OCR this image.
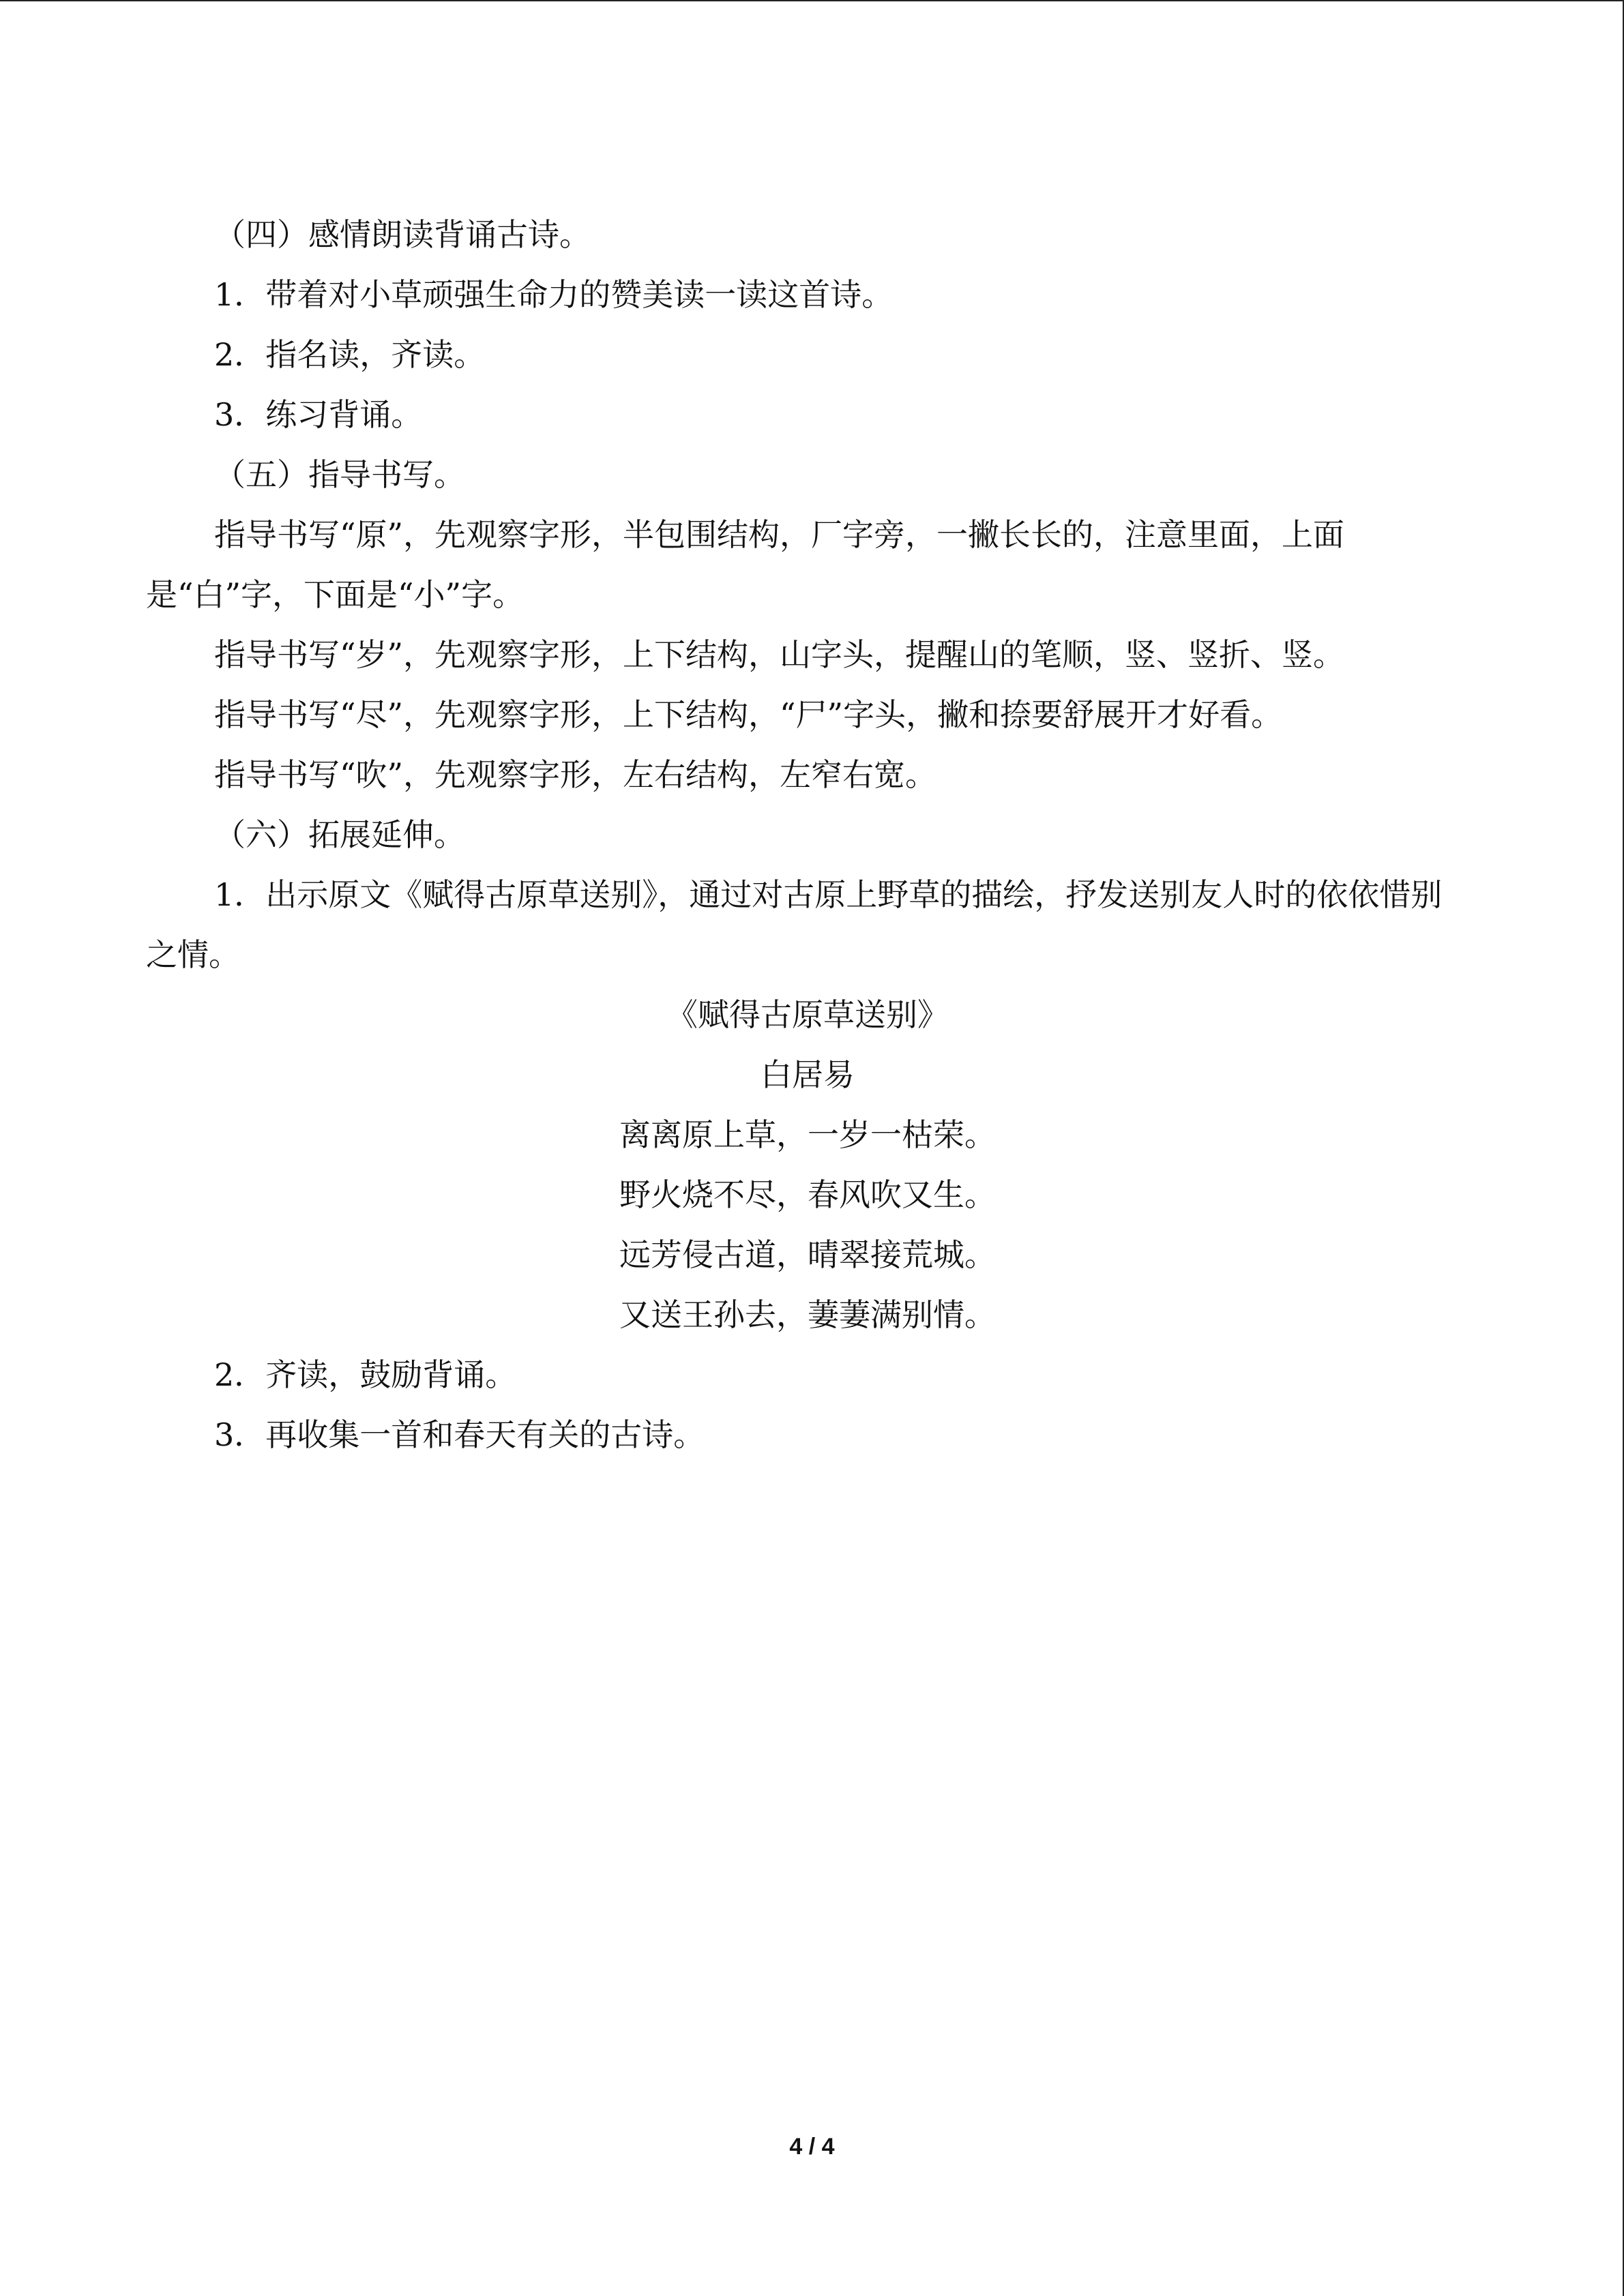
（四）感情朗读背诵古诗。

1．带着对小草顽强生命力的赞美读一读这首诗。

2．指名读，齐读。

3．练习背诵。

（五）指导书写。

指导书写“原”，先观察字形，半包围结构，厂字旁，一撇长长的，注意里面，上面是“白”字，下面是“小”字。

指导书写“岁”，先观察字形，上下结构，山字头，提醒山的笔顺，竖、竖折、竖。

指导书写“尽”，先观察字形，上下结构，“尸”字头，撇和捺要舒展开才好看。

指导书写“吹”，先观察字形，左右结构，左窄右宽。

（六）拓展延伸。

1．出示原文《赋得古原草送别》，通过对古原上野草的描绘，抒发送别友人时的依依惜别之情。

《赋得古原草送别》

白居易

离离原上草，一岁一枯荣。

野火烧不尽，春风吹又生。

远芳侵古道，晴翠接荒城。

又送王孙去，萋萋满别情。

2．齐读，鼓励背诵。

3．再收集一首和春天有关的古诗。

4 / 4
